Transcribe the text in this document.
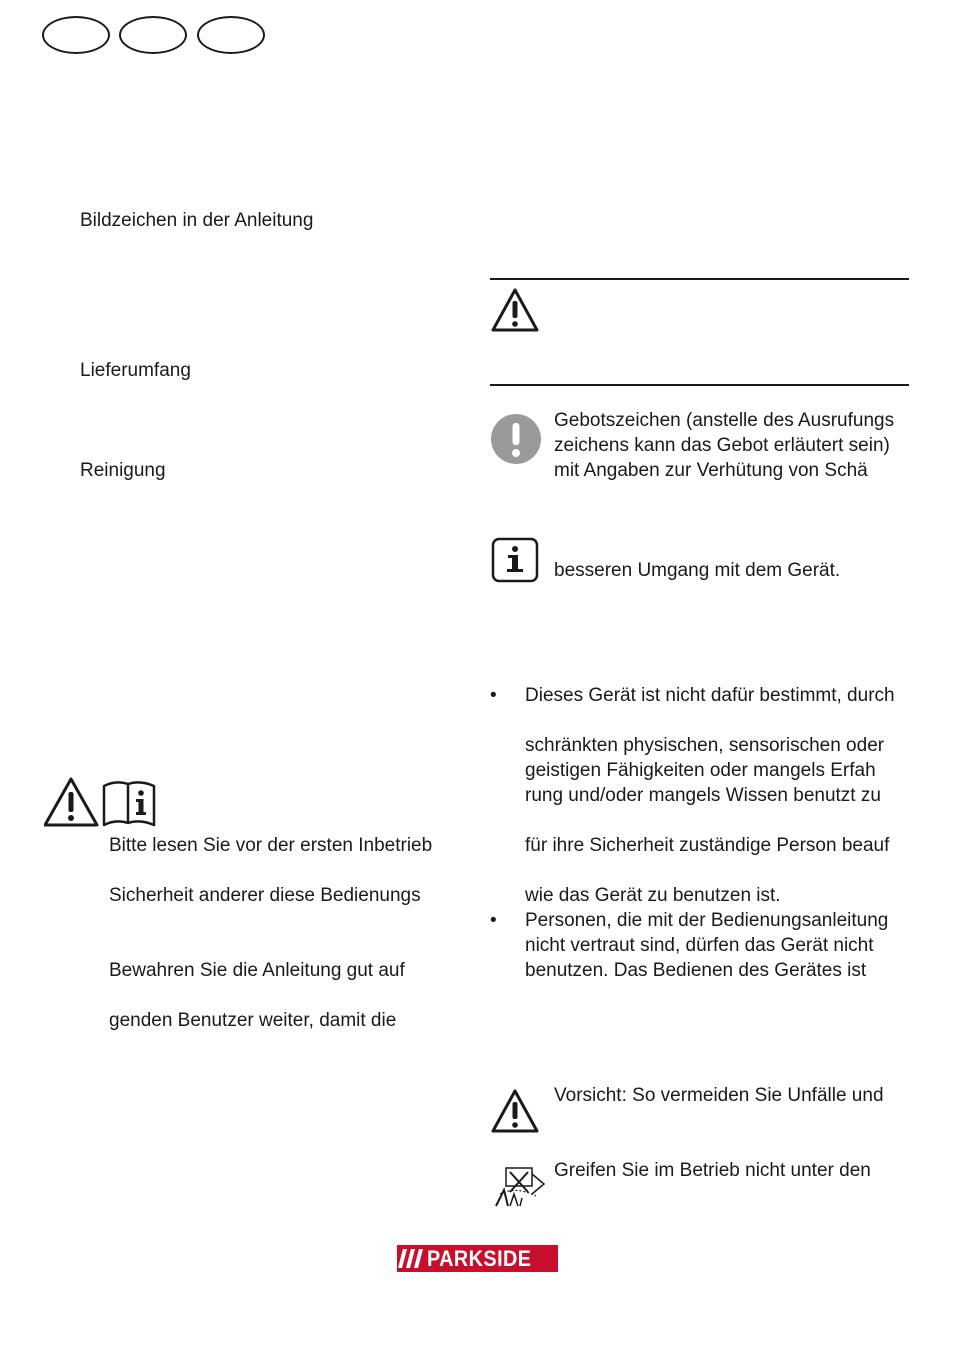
Bildzeichen in der Anleitung
Lieferumfang
Reinigung
Bitte lesen Sie vor der ersten Inbetrieb
Sicherheit anderer diese Bedienungs
Bewahren Sie die Anleitung gut auf
genden Benutzer weiter, damit die
Gebotszeichen (anstelle des Ausrufungs
zeichens kann das Gebot erläutert sein)
mit Angaben zur Verhütung von Schä
besseren Umgang mit dem Gerät.
• Dieses Gerät ist nicht dafür bestimmt, durch
schränkten physischen, sensorischen oder
geistigen Fähigkeiten oder mangels Erfah
rung und/oder mangels Wissen benutzt zu
für ihre Sicherheit zuständige Person beauf
wie das Gerät zu benutzen ist.
• Personen, die mit der Bedienungsanleitung
nicht vertraut sind, dürfen das Gerät nicht
benutzen. Das Bedienen des Gerätes ist
Vorsicht: So vermeiden Sie Unfälle und
Greifen Sie im Betrieb nicht unter den
PARKSIDE
